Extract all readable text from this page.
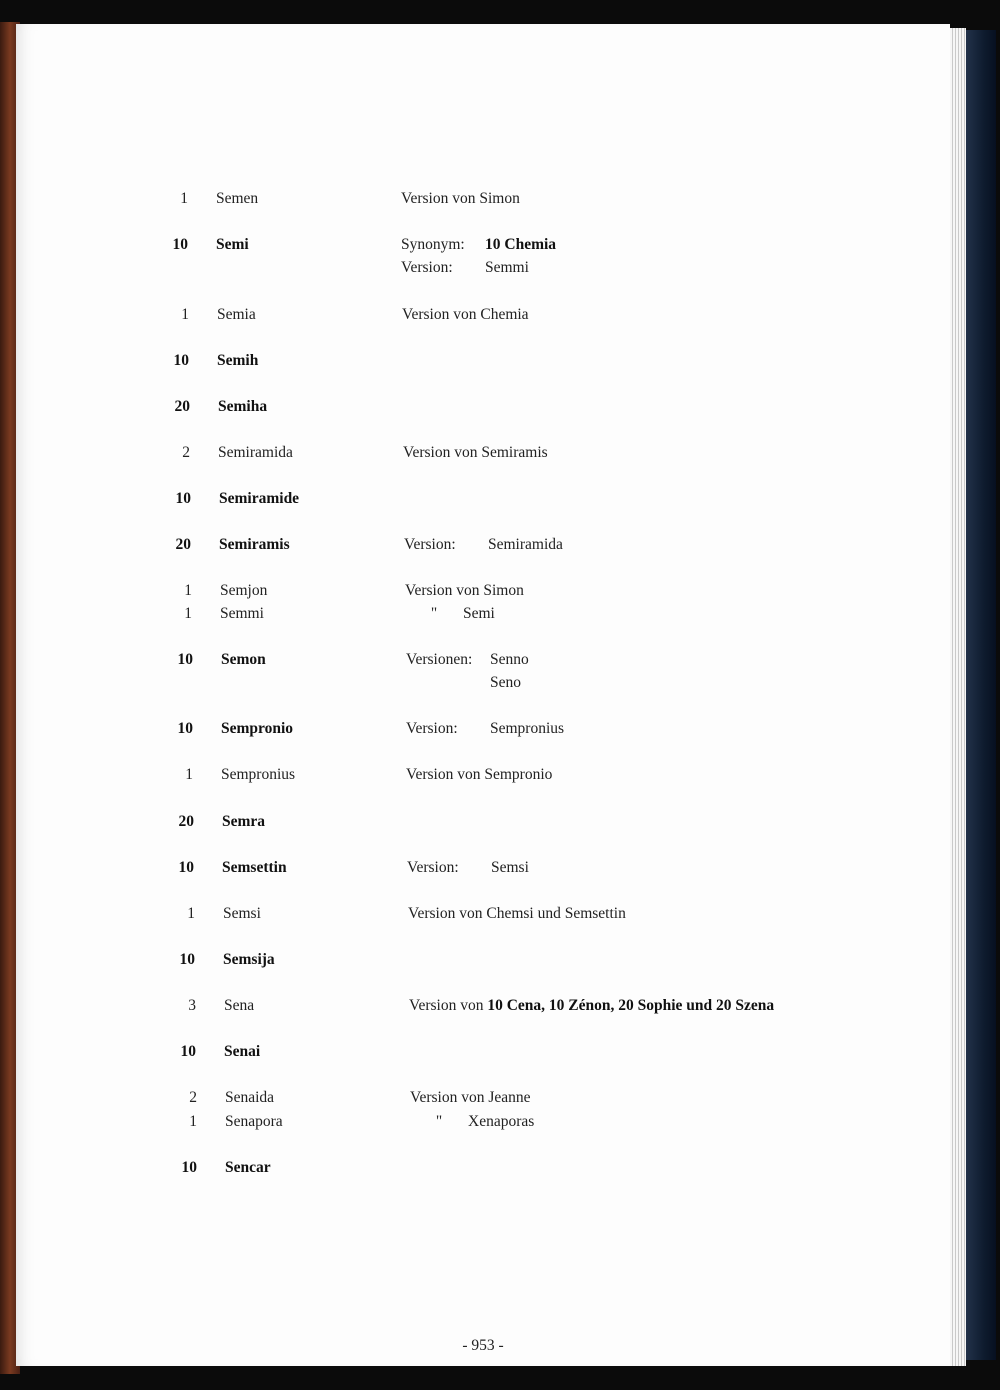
1 Semen	Version von Simon
10 Semi	Synonym: 10 Chemia
Version: Semmi
1 Semia	Version von Chemia
10 Semih
20 Semiha
2 Semiramida	Version von Semiramis
10 Semiramide
20 Semiramis	Version: Semiramida
1 Semjon	Version von Simon
1 Semmi	" Semi
10 Semon	Versionen: Senno
Seno
10 Sempronio	Version: Sempronius
1 Sempronius	Version von Sempronio
20 Semra
10 Semsettin	Version: Semsi
1 Semsi	Version von Chemsi und Semsettin
10 Semsija
3 Sena	Version von 10 Cena, 10 Zénon, 20 Sophie und 20 Szena
10 Senai
2 Senaida	Version von Jeanne
1 Senapora	" Xenaporas
10 Sencar
- 953 -
